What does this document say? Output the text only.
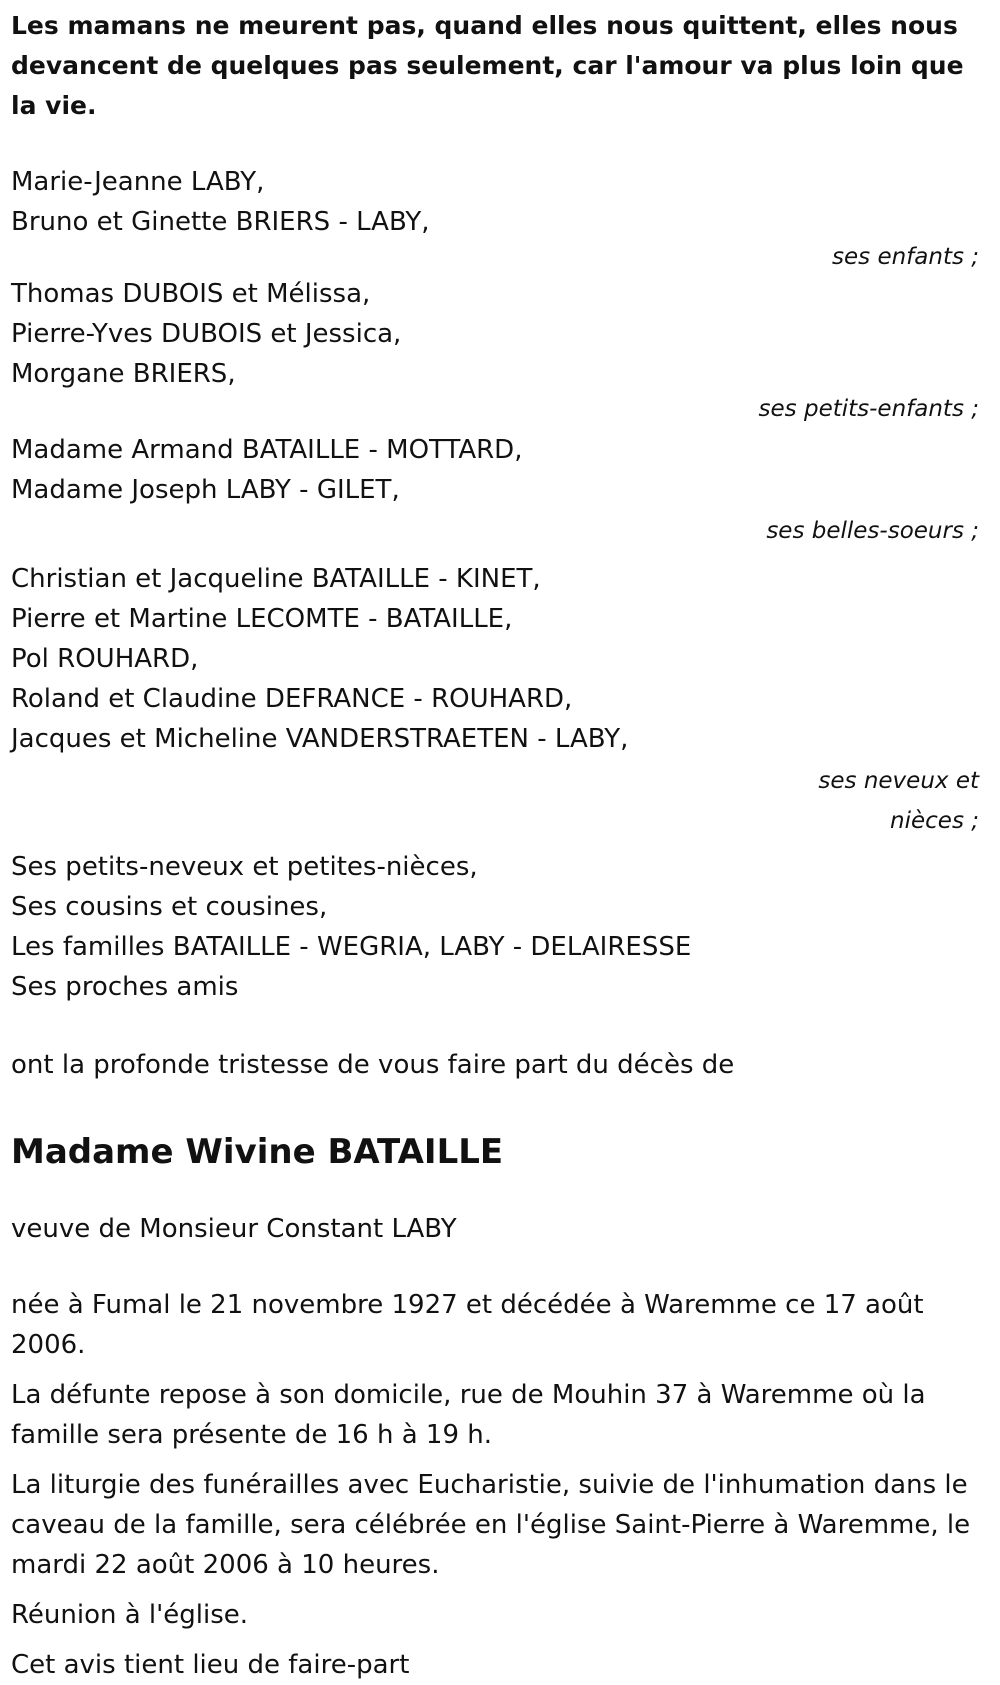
Les mamans ne meurent pas, quand elles nous quittent, elles nous devancent de quelques pas seulement, car l'amour va plus loin que la vie.

Marie-Jeanne LABY,
Bruno et Ginette BRIERS - LABY,

ses enfants ;

Thomas DUBOIS et Mélissa,
Pierre-Yves DUBOIS et Jessica,
Morgane BRIERS,

ses petits-enfants ;

Madame Armand BATAILLE - MOTTARD,
Madame Joseph LABY - GILET,

ses belles-soeurs ;

Christian et Jacqueline BATAILLE - KINET,
Pierre et Martine LECOMTE - BATAILLE,
Pol ROUHARD,
Roland et Claudine DEFRANCE - ROUHARD,
Jacques et Micheline VANDERSTRAETEN - LABY,

ses neveux et
nièces ;

Ses petits-neveux et petites-nièces,
Ses cousins et cousines,
Les familles BATAILLE - WEGRIA, LABY - DELAIRESSE
Ses proches amis
ont la profonde tristesse de vous faire part du décès de
Madame Wivine BATAILLE
veuve de Monsieur Constant LABY

née à Fumal le 21 novembre 1927 et décédée à Waremme ce 17 août 2006.

La défunte repose à son domicile, rue de Mouhin 37 à Waremme où la famille sera présente de 16 h à 19 h.

La liturgie des funérailles avec Eucharistie, suivie de l'inhumation dans le caveau de la famille, sera célébrée en l'église Saint-Pierre à Waremme, le mardi 22 août 2006 à 10 heures.

Réunion à l'église.

Cet avis tient lieu de faire-part
